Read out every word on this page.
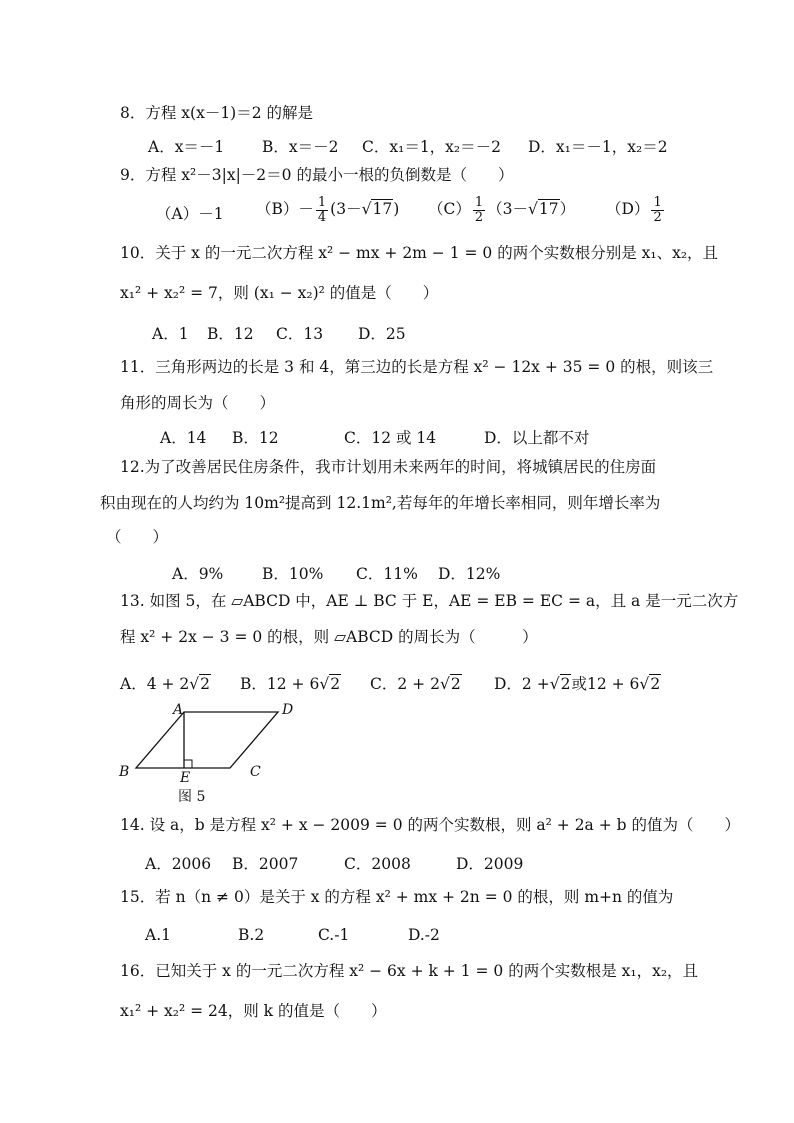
8．方程 x(x－1)＝2 的解是
A．x＝－1 B．x＝－2 C．x₁＝1，x₂＝－2 D．x₁＝－1，x₂＝2
9．方程 x²－3|x|－2＝0 的最小一根的负倒数是（　　）
（A）－1 $(B)- \frac{1}{4} (3-√17)$ $(C) \frac{1}{2} (3-√17)$ $(D) \frac{1}{2}$
10．关于 x 的一元二次方程 x² − mx + 2m − 1 = 0 的两个实数根分别是 x₁、x₂，且
x₁² + x₂² = 7，则 (x₁ − x₂)² 的值是（　　）
A．1 B．12 C．13 D．25
11．三角形两边的长是 3 和 4，第三边的长是方程 x² − 12x + 35 = 0 的根，则该三
角形的周长为（　　）
A．14 B．12	C．12 或 14	D．以上都不对
12.为了改善居民住房条件，我市计划用未来两年的时间，将城镇居民的住房面
积由现在的人均约为 10m²提高到 12.1m²,若每年的年增长率相同，则年增长率为
（　　）
A．9% B．10% C．11% D．12%
13. 如图 5，在 ▱ABCD 中，AE ⊥ BC 于 E，AE = EB = EC = a，且 a 是一元二次方
程 x² + 2x − 3 = 0 的根，则 ▱ABCD 的周长为（　　　）
A．4 + 2√2 B．12 + 6√2 C．2 + 2√2 D．2 +√2或12 + 6√2
A	D
B	E	C
图 5
14. 设 a，b 是方程 x² + x − 2009 = 0 的两个实数根，则 a² + 2a + b 的值为（　　）
A．2006 B．2007	C．2008	D．2009
15．若 n（n ≠ 0）是关于 x 的方程 x² + mx + 2n = 0 的根，则 m+n 的值为
A.1	B.2	C.-1	D.-2
16．已知关于 x 的一元二次方程 x² − 6x + k + 1 = 0 的两个实数根是 x₁，x₂，且
x₁² + x₂² = 24，则 k 的值是（　　）
